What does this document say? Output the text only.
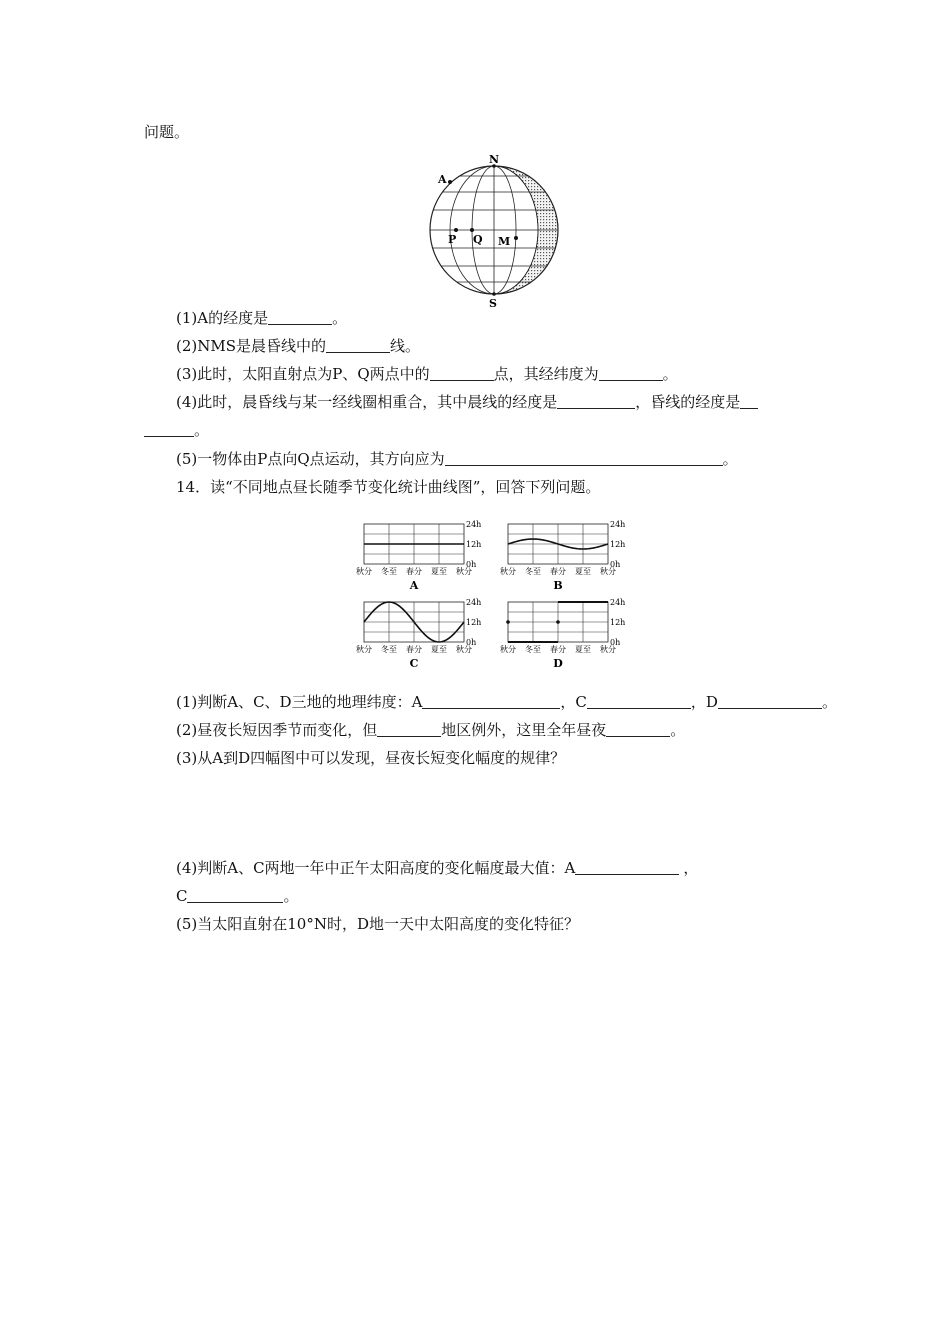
问题。
N
S
A
P Q M
(1)A的经度是	。
(2)NMS是晨昏线中的	线。
(3)此时，太阳直射点为P、Q两点中的	点，其经纬度为	。
(4)此时，晨昏线与某一经线圈相重合，其中晨线的经度是	，昏线的经度是
。
(5)一物体由P点向Q点运动，其方向应为	。
14．读“不同地点昼长随季节变化统计曲线图”，回答下列问题。
24h
12h
0h
秋分 冬至 春分 夏至 秋分
A
24h
12h
0h
秋分 冬至 春分 夏至 秋分
B
24h
12h
0h
秋分 冬至 春分 夏至 秋分
C
24h
12h
0h
秋分 冬至 春分 夏至 秋分
D
(1)判断A、C、D三地的地理纬度：A	，C	，D	。
(2)昼夜长短因季节而变化，但	地区例外，这里全年昼夜	。
(3)从A到D四幅图中可以发现，昼夜长短变化幅度的规律？
(4)判断A、C两地一年中正午太阳高度的变化幅度最大值：A	，
C	。
(5)当太阳直射在10°N时，D地一天中太阳高度的变化特征？
